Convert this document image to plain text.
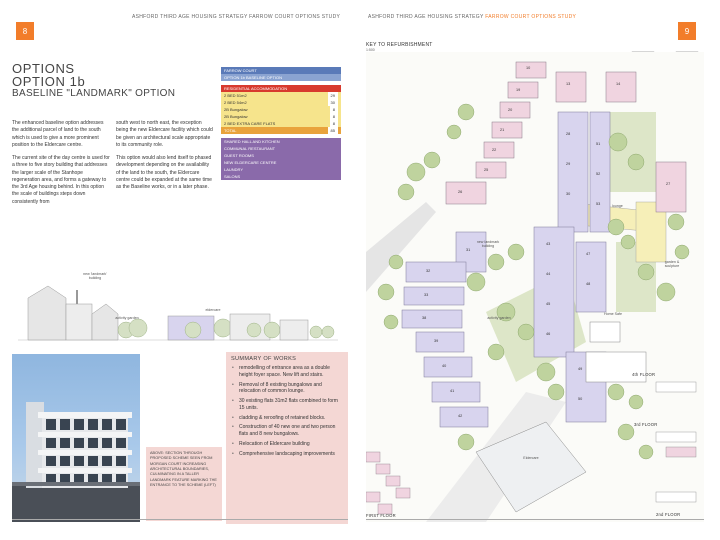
8
ASHFORD THIRD AGE HOUSING STRATEGY FARROW COURT OPTIONS STUDY
OPTIONS
OPTION 1b
BASELINE "LANDMARK" OPTION

The enhanced baseline option addresses the additional parcel of land to the south which is used to give a more prominent position to the Eldercare centre.

The current site of the day centre is used for a three to five story building that addresses the larger scale of the Stanhope regeneration area, and forms a gateway to the 3rd Age housing behind. In this option the scale of buildings steps down consistently from

south west to north east, the exception being the new Eldercare facility which could be given an architectural scale appropriate to its community role.

This option would also lend itself to phased development depending on the availability of the land to the south, the Eldercare centre could be expanded at the same time as the Baseline works, or in a later phase.

FARROW COURT
OPTION 1b BASELINE OPTION
RESIDENTIAL ACCOMMODATION
2 BED 51m2	29
2 BED 54m2	30
2B Bungalow	8
2B Bungalow	8
2 BED EXTRA CARE FLATS	8
TOTAL	85
SHARED HALL AND KITCHEN
COMMUNAL RESTAURANT
GUEST ROOMS
NEW ELDERCARE CENTRE
LAUNDRY
SALONS
new 'landmark' building
activity garden
eldercare
ABOVE: SECTION THROUGH PROPOSED SCHEME SEEN FROM MORGAN COURT INCREASING ARCHITECTURAL BOUNDARIES, CULMINATING IN A TALLER LANDMARK FEATURE MARKING THE ENTRANCE TO THE SCHEME (LEFT)
SUMMARY OF WORKS
• remodelling of entrance area as a double height foyer space. New lift and stairs.
• Removal of 8 existing bungalows and relocation of common lounge.
• 30 existing flats 31m2 flats combined to form 15 units.
• cladding & reroofing of retained blocks.
• Construction of 40 new one and two person flats and 8 new bungalows.
• Relocation of Eldercare building
• Comprehensive landscaping improvements
ASHFORD THIRD AGE HOUSING STRATEGY FARROW COURT OPTIONS STUDY
9
KEY TO REFURBISHMENT
1:500
4th FLOOR
3rd FLOOR
2nd FLOOR
FIRST FLOOR
lounge
new landmark building
activity garden
Eldercare
garden & sculpture
Home Safe
10
13	14
19
20
21
22
25
26
27
28
29
30
31
32
33
38
39
40
41
42
43
44
45
46
47
48
49
50
51
52
53
